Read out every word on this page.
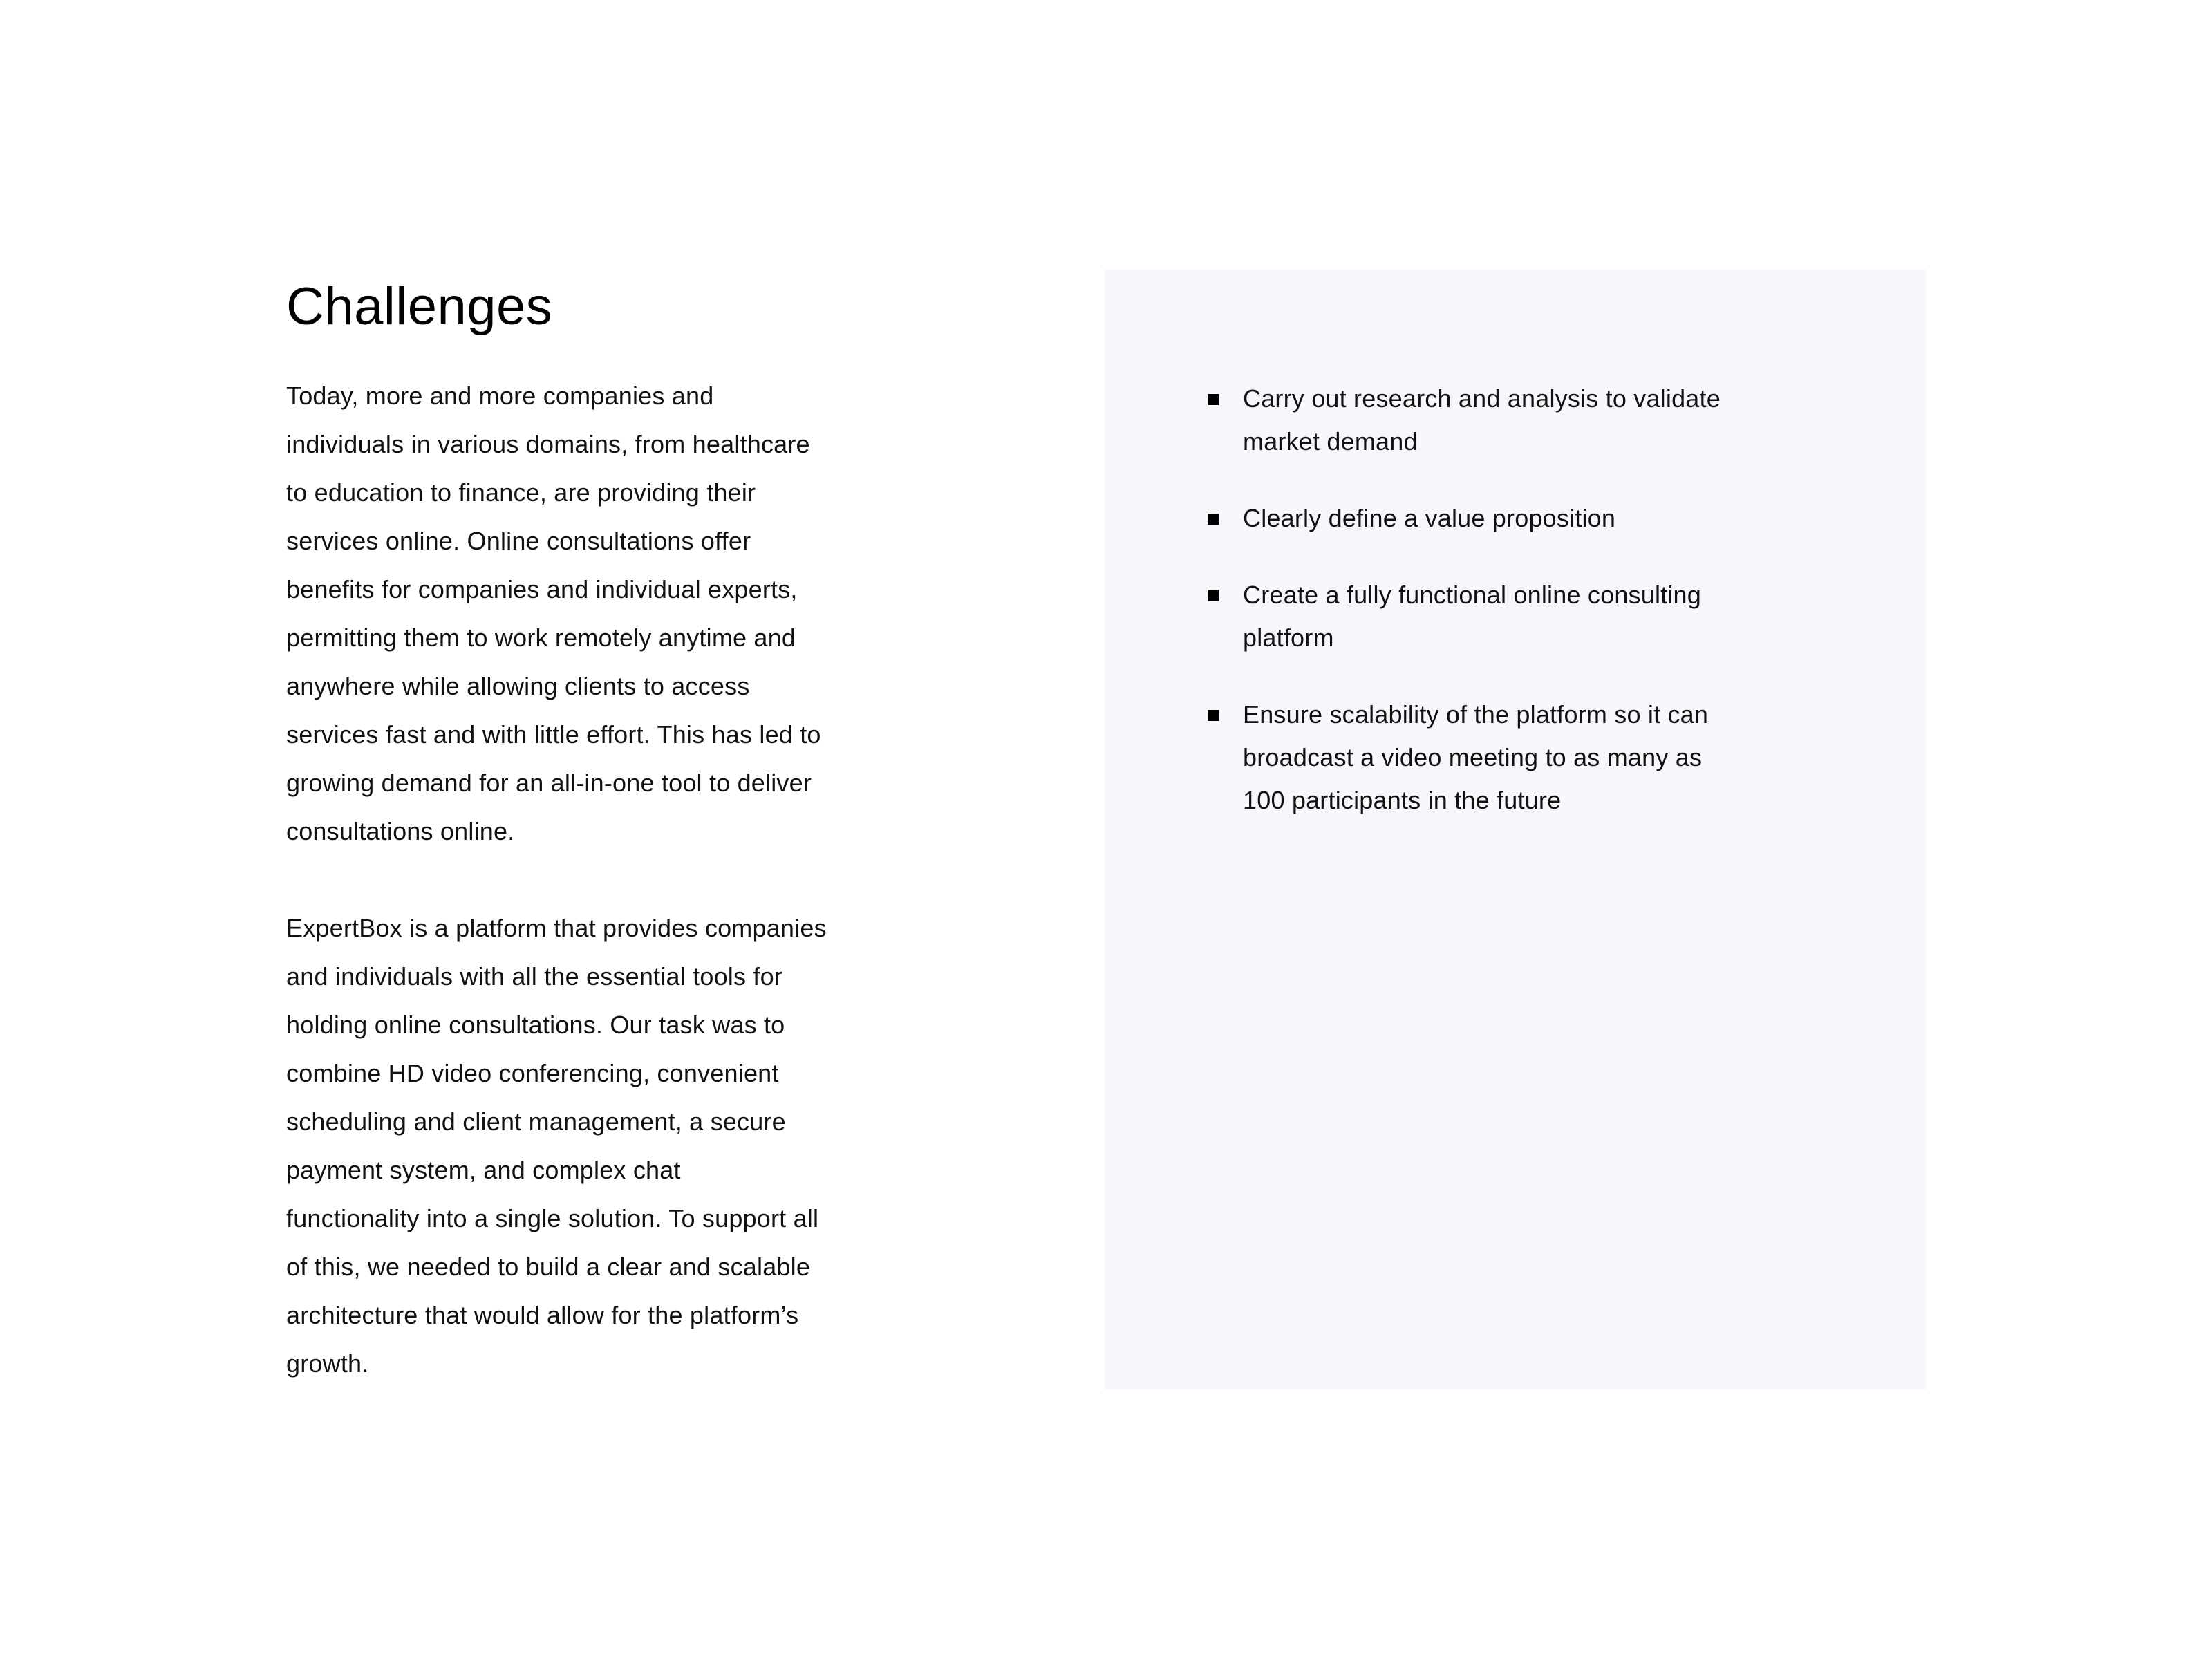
Challenges

Today, more and more companies and
individuals in various domains, from healthcare
to education to finance, are providing their
services online. Online consultations offer
benefits for companies and individual experts,
permitting them to work remotely anytime and
anywhere while allowing clients to access
services fast and with little effort. This has led to
growing demand for an all-in-one tool to deliver
consultations online.

ExpertBox is a platform that provides companies
and individuals with all the essential tools for
holding online consultations. Our task was to
combine HD video conferencing, convenient
scheduling and client management, a secure
payment system, and complex chat
functionality into a single solution. To support all
of this, we needed to build a clear and scalable
architecture that would allow for the platform’s
growth.

Carry out research and analysis to validate
market demand
Clearly define a value proposition
Create a fully functional online consulting
platform
Ensure scalability of the platform so it can
broadcast a video meeting to as many as
100 participants in the future
